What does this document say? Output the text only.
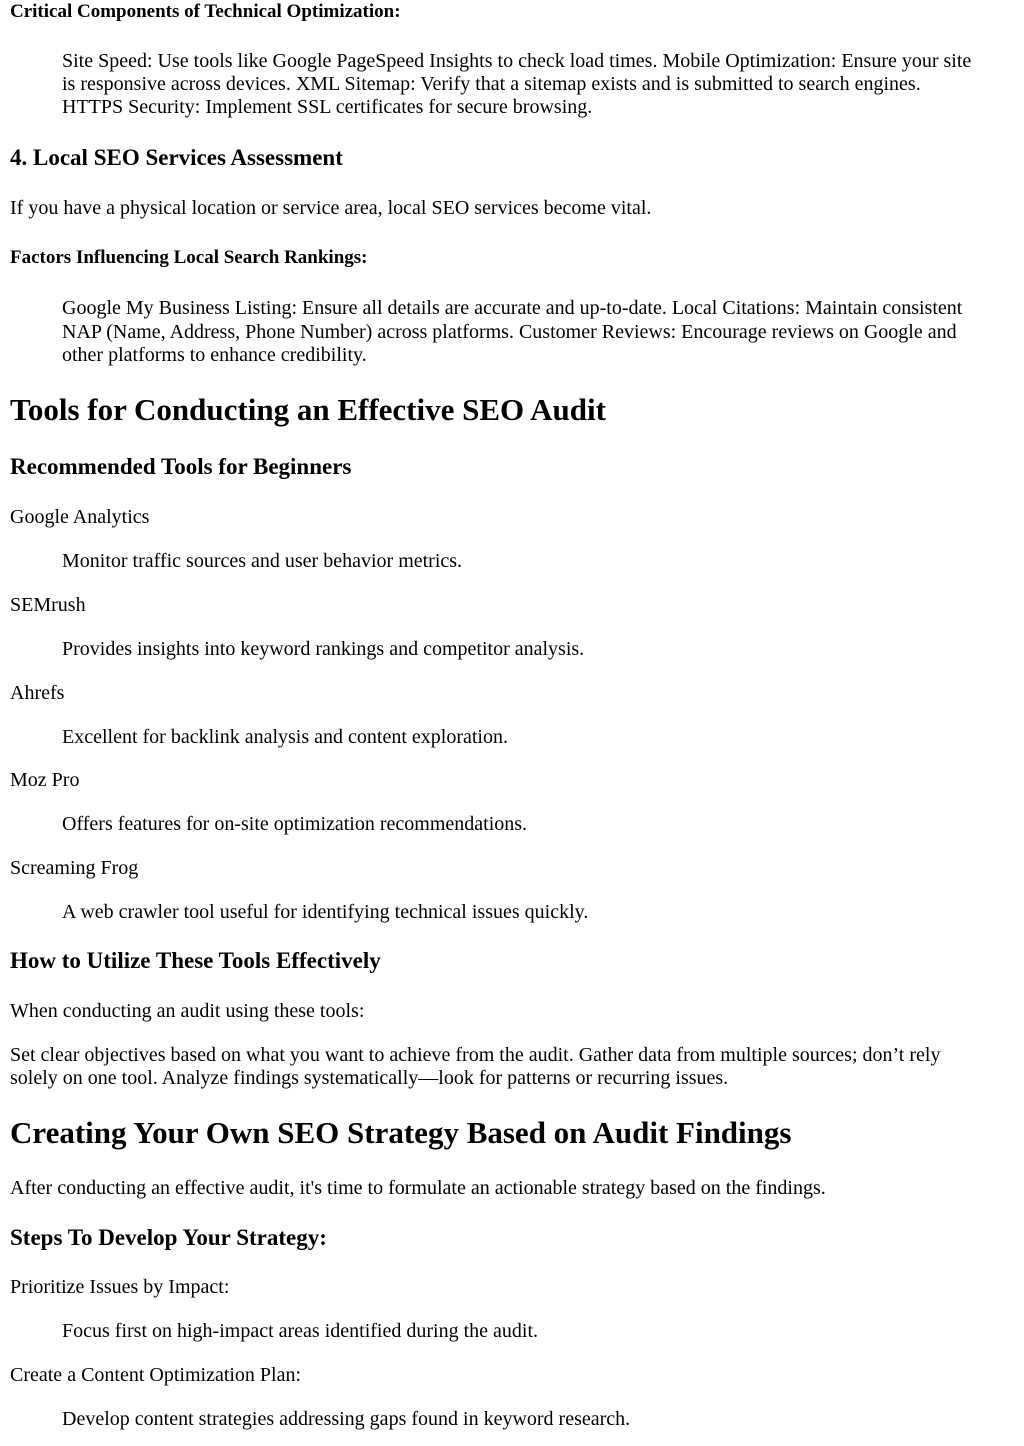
Critical Components of Technical Optimization:

Site Speed: Use tools like Google PageSpeed Insights to check load times. Mobile Optimization: Ensure your site

is responsive across devices. XML Sitemap: Verify that a sitemap exists and is submitted to search engines.

HTTPS Security: Implement SSL certificates for secure browsing.

4. Local SEO Services Assessment

If you have a physical location or service area, local SEO services become vital.

Factors Influencing Local Search Rankings:

Google My Business Listing: Ensure all details are accurate and up-to-date. Local Citations: Maintain consistent

NAP (Name, Address, Phone Number) across platforms. Customer Reviews: Encourage reviews on Google and

other platforms to enhance credibility.

Tools for Conducting an Effective SEO Audit
Recommended Tools for Beginners

Google Analytics

Monitor traffic sources and user behavior metrics.

SEMrush

Provides insights into keyword rankings and competitor analysis.

Ahrefs

Excellent for backlink analysis and content exploration.

Moz Pro

Offers features for on-site optimization recommendations.

Screaming Frog

A web crawler tool useful for identifying technical issues quickly.

How to Utilize These Tools Effectively

When conducting an audit using these tools:

Set clear objectives based on what you want to achieve from the audit. Gather data from multiple sources; don’t rely

solely on one tool. Analyze findings systematically—look for patterns or recurring issues.

Creating Your Own SEO Strategy Based on Audit Findings

After conducting an effective audit, it's time to formulate an actionable strategy based on the findings.

Steps To Develop Your Strategy:

Prioritize Issues by Impact:

Focus first on high-impact areas identified during the audit.

Create a Content Optimization Plan:

Develop content strategies addressing gaps found in keyword research.
